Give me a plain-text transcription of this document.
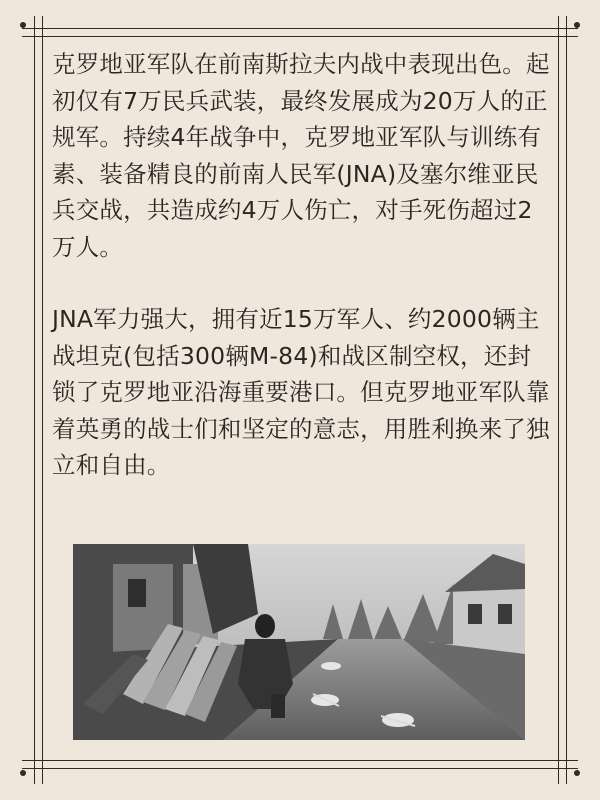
克罗地亚军队在前南斯拉夫内战中表现出色。起初仅有7万民兵武装，最终发展成为20万人的正规军。持续4年战争中，克罗地亚军队与训练有素、装备精良的前南人民军(JNA)及塞尔维亚民兵交战，共造成约4万人伤亡，对手死伤超过2万人。

JNA军力强大，拥有近15万军人、约2000辆主战坦克(包括300辆M-84)和战区制空权，还封锁了克罗地亚沿海重要港口。但克罗地亚军队靠着英勇的战士们和坚定的意志，用胜利换来了独立和自由。
